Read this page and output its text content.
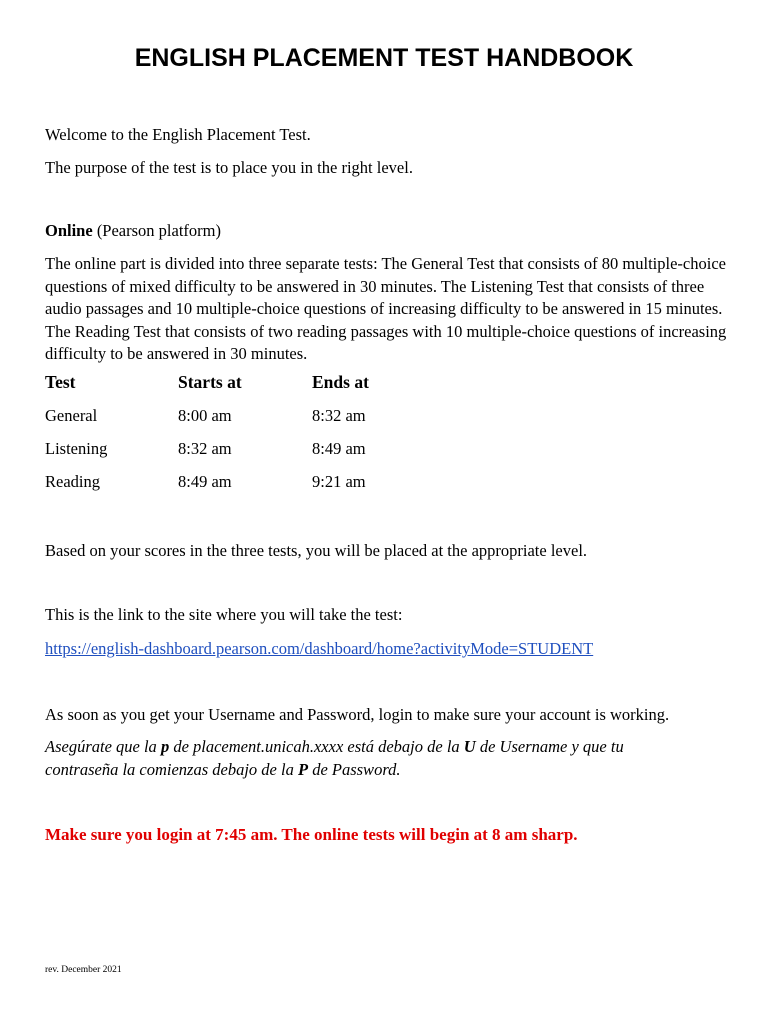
ENGLISH PLACEMENT TEST HANDBOOK

Welcome to the English Placement Test.

The purpose of the test is to place you in the right level.

Online (Pearson platform)

The online part is divided into three separate tests: The General Test that consists of 80 multiple-choice questions of mixed difficulty to be answered in 30 minutes. The Listening Test that consists of three audio passages and 10 multiple-choice questions of increasing difficulty to be answered in 15 minutes. The Reading Test that consists of two reading passages with 10 multiple-choice questions of increasing difficulty to be answered in 30 minutes.

Test	Starts at	Ends at
General	8:00 am	8:32 am
Listening	8:32 am	8:49 am
Reading	8:49 am	9:21 am

Based on your scores in the three tests, you will be placed at the appropriate level.

This is the link to the site where you will take the test:

https://english-dashboard.pearson.com/dashboard/home?activityMode=STUDENT

As soon as you get your Username and Password, login to make sure your account is working.

Asegúrate que la p de placement.unicah.xxxx está debajo de la U de Username y que tu contraseña la comienzas debajo de la P de Password.

Make sure you login at 7:45 am. The online tests will begin at 8 am sharp.

rev. December 2021
